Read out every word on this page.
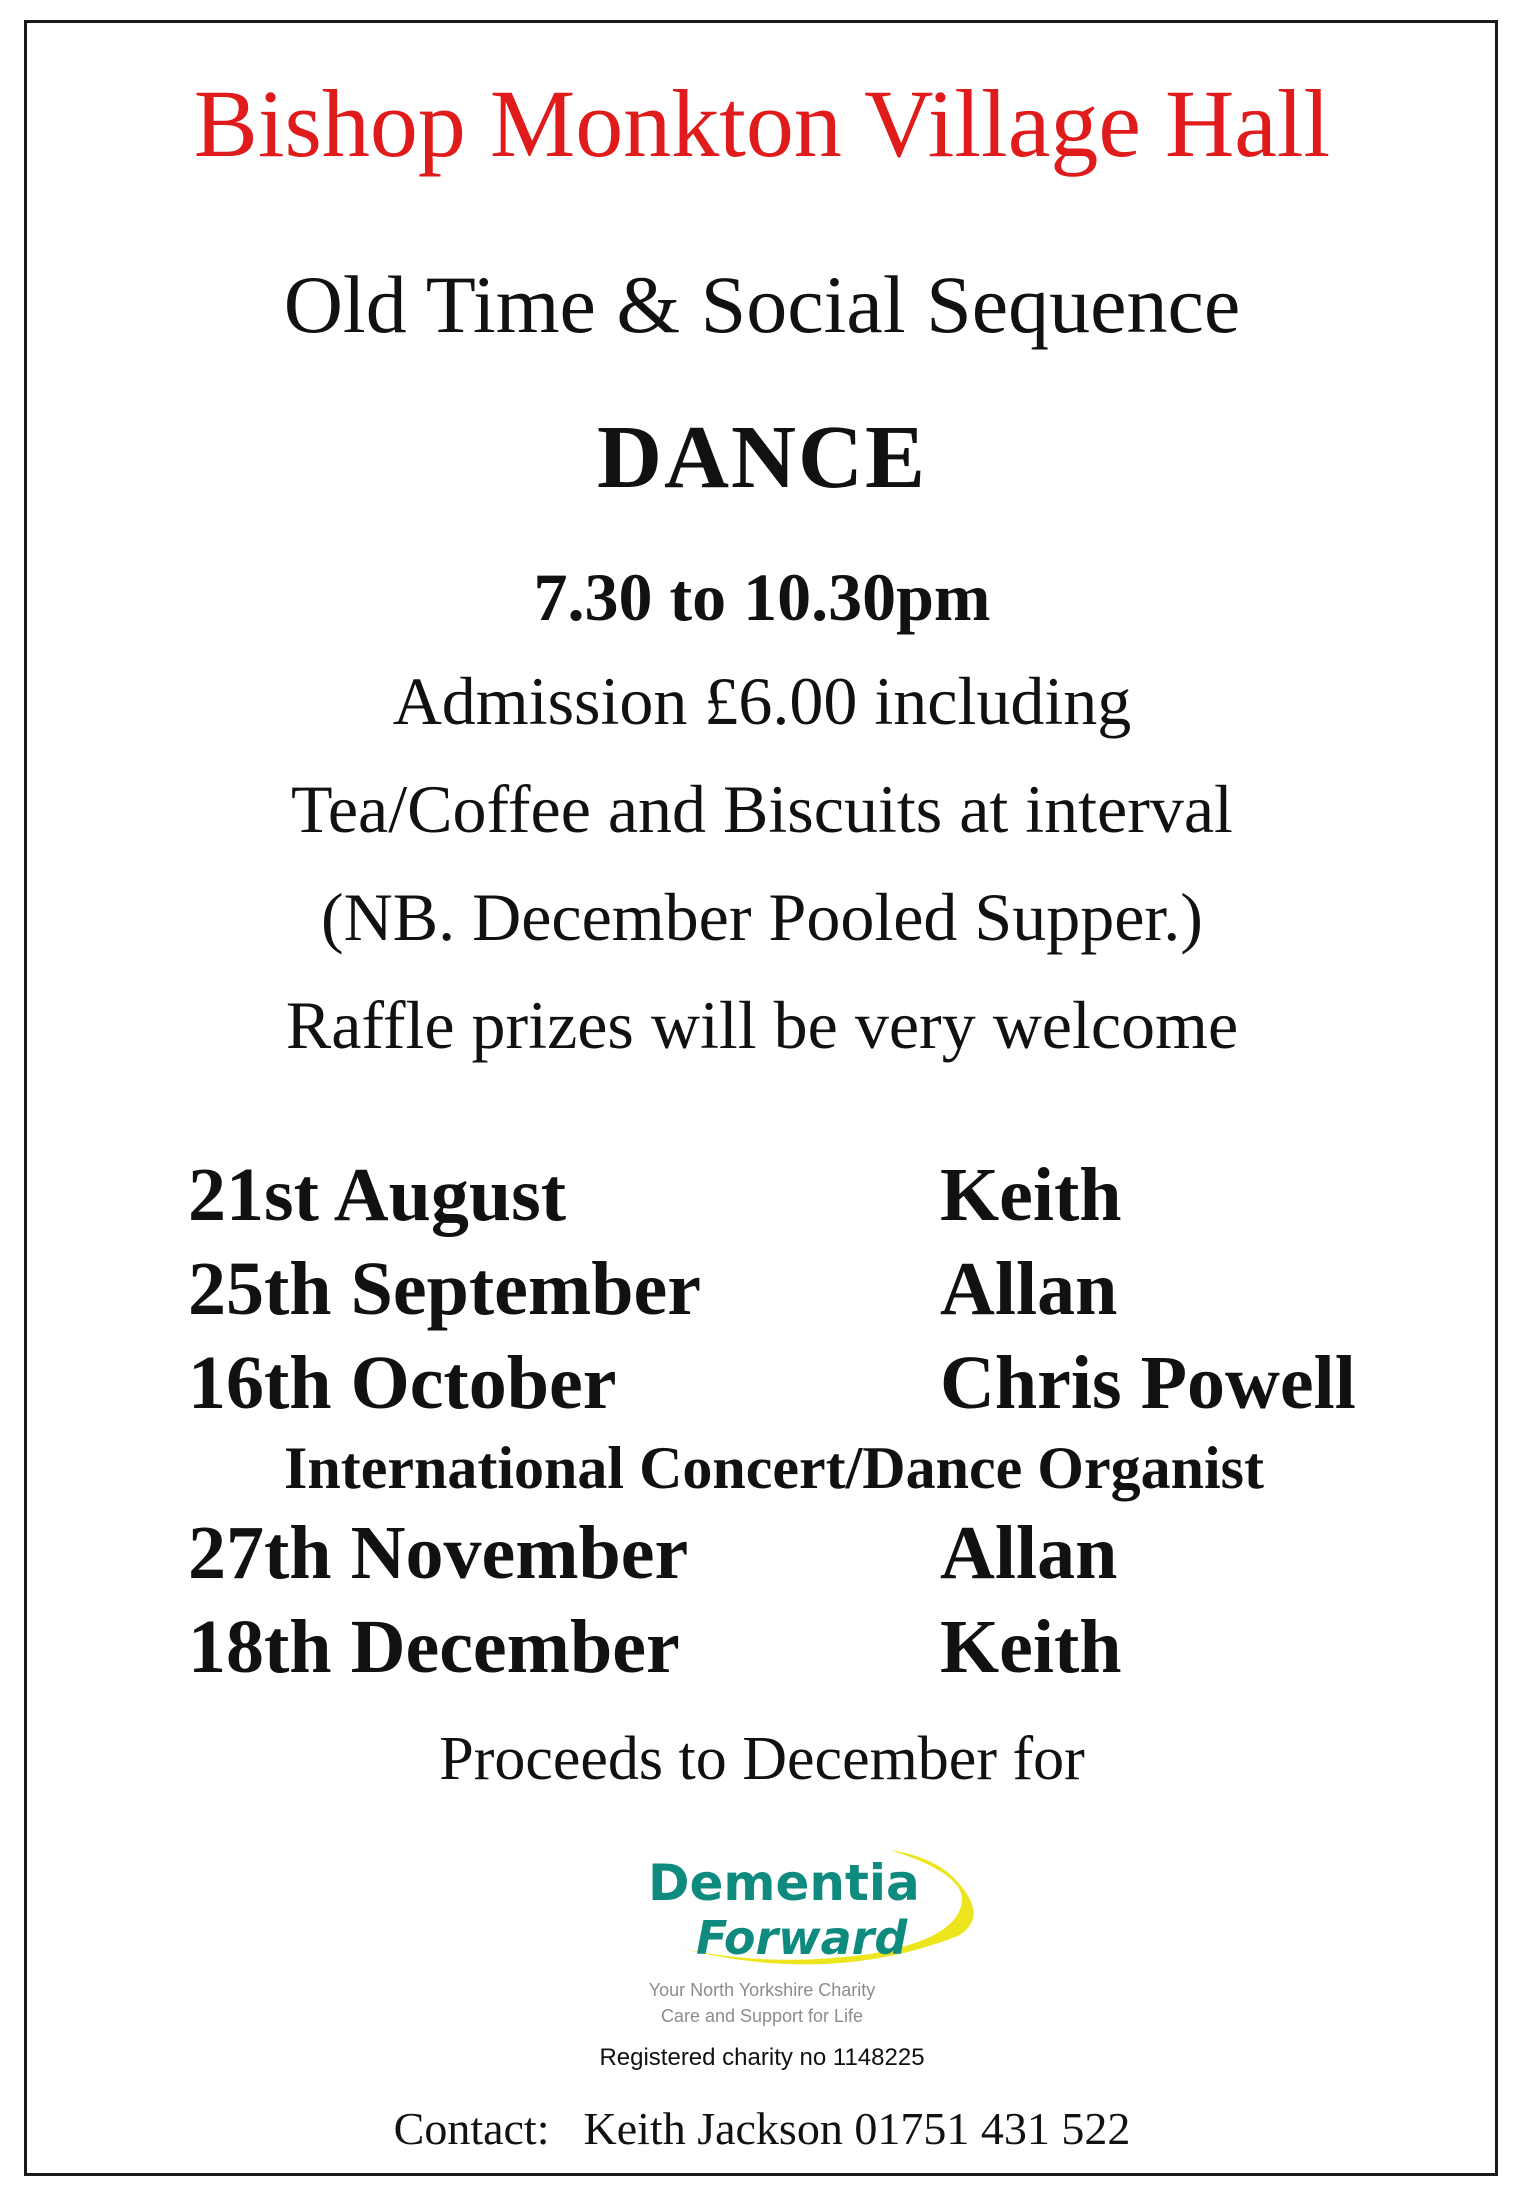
Bishop Monkton Village Hall
Old Time & Social Sequence
DANCE
7.30 to 10.30pm
Admission £6.00 including
Tea/Coffee and Biscuits at interval
(NB. December Pooled Supper.)
Raffle prizes will be very welcome
21st August	Keith
25th September	Allan
16th October	Chris Powell
International Concert/Dance Organist
27th November	Allan
18th December	Keith
Proceeds to December for
Dementia
Forward
Your North Yorkshire Charity
Care and Support for Life
Registered charity no 1148225
Contact: Keith Jackson 01751 431 522
